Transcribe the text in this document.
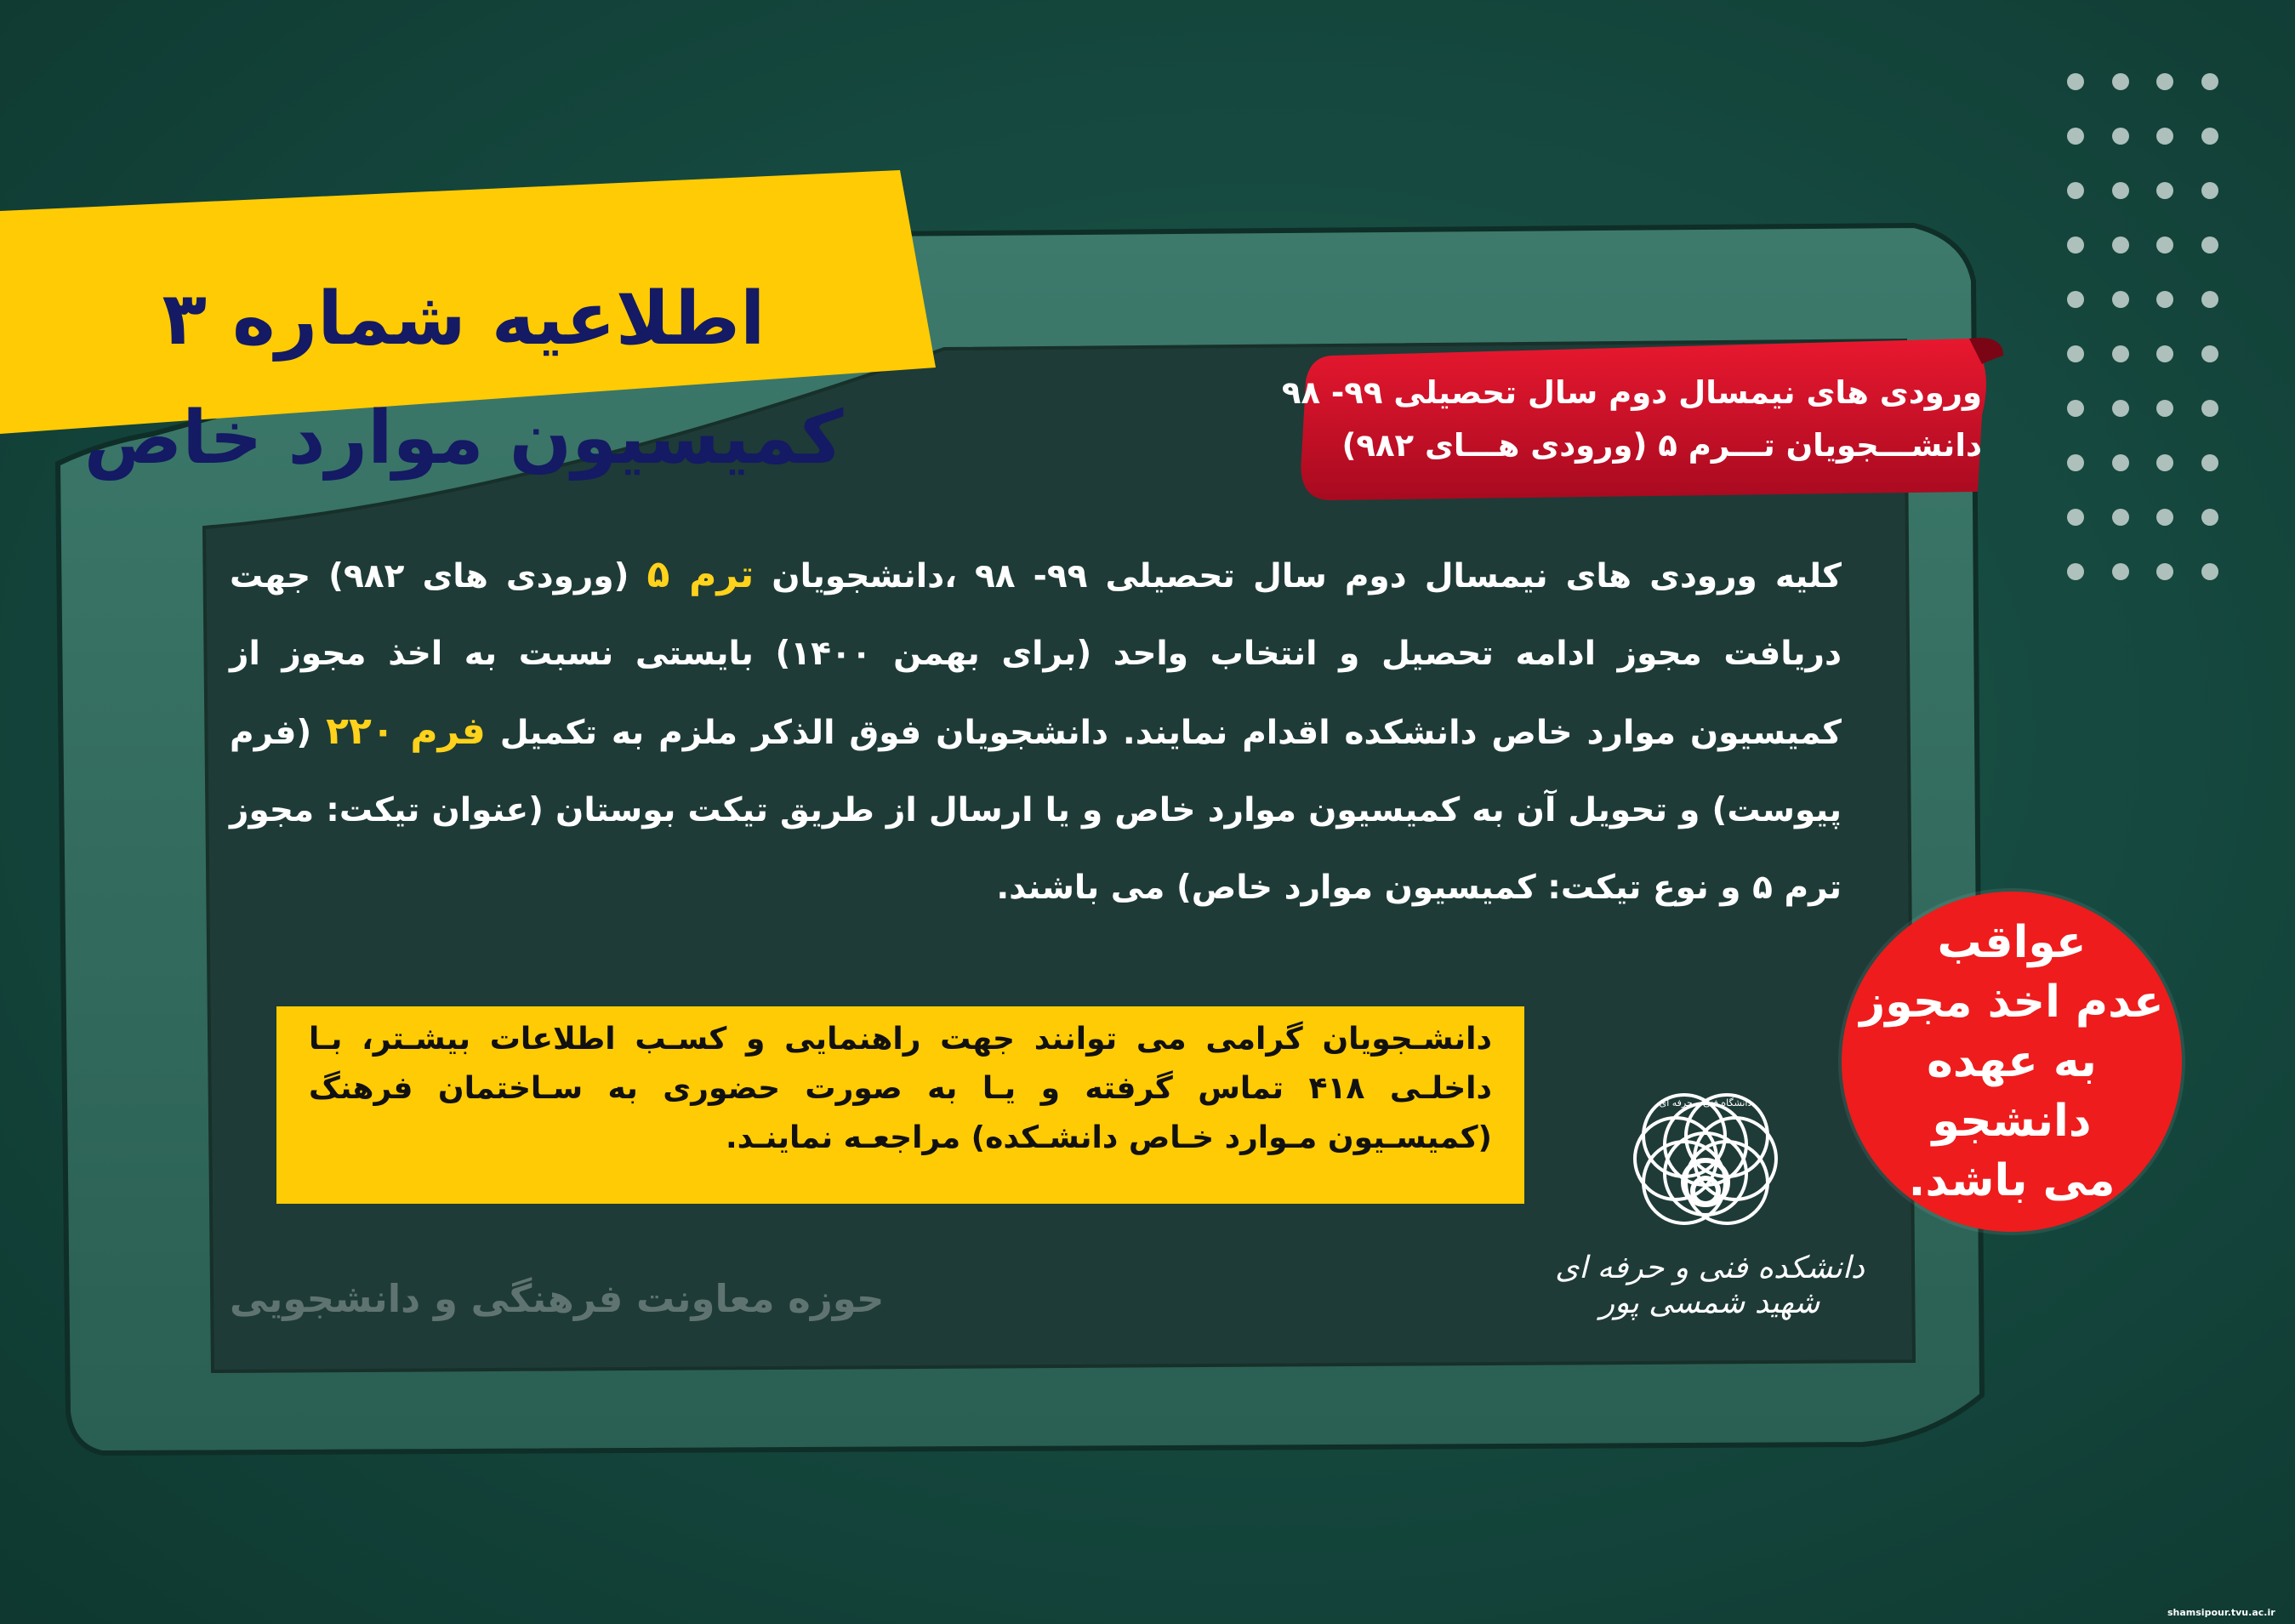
اطلاعیه شماره ۳ کمیسیون موارد خاص
ورودی های نیمسال دوم سال تحصیلی ۹۹- ۹۸
دانشـــجویان تـــرم ۵ (ورودی هـــای ۹۸۲)
کلیه ورودی های نیمسال دوم سال تحصیلی ۹۹- ۹۸ ،دانشجویان ترم ۵ (ورودی های ۹۸۲) جهت دریافت مجوز ادامه تحصیل و انتخاب واحد (برای بهمن ۱۴۰۰) بایستی نسبت به اخذ مجوز از کمیسیون موارد خاص دانشکده اقدام نمایند. دانشجویان فوق الذکر ملزم به تکمیل فرم ۲۲۰ (فرم پیوست) و تحویل آن به کمیسیون موارد خاص و یا ارسال از طریق تیکت بوستان (عنوان تیکت: مجوز ترم ۵ و نوع تیکت: کمیسیون موارد خاص) می باشند.
دانشـجویان گرامی می توانند جهت راهنمایی و کسـب اطلاعات بیشـتر، بـا داخلـی ۴۱۸ تماس گرفته و یـا به صورت حضوری به سـاختمان فرهنگ (کمیسـیون مـوارد خـاص دانشـکده) مراجعـه نماینـد.
عواقب
عدم اخذ مجوز
به عهده دانشجو
می باشد.
دانشگاه فنی و حرفه ای
دانشکده فنی و حرفه ای شهید شمسی پور
حوزه معاونت فرهنگی و دانشجویی
shamsipour.tvu.ac.ir
